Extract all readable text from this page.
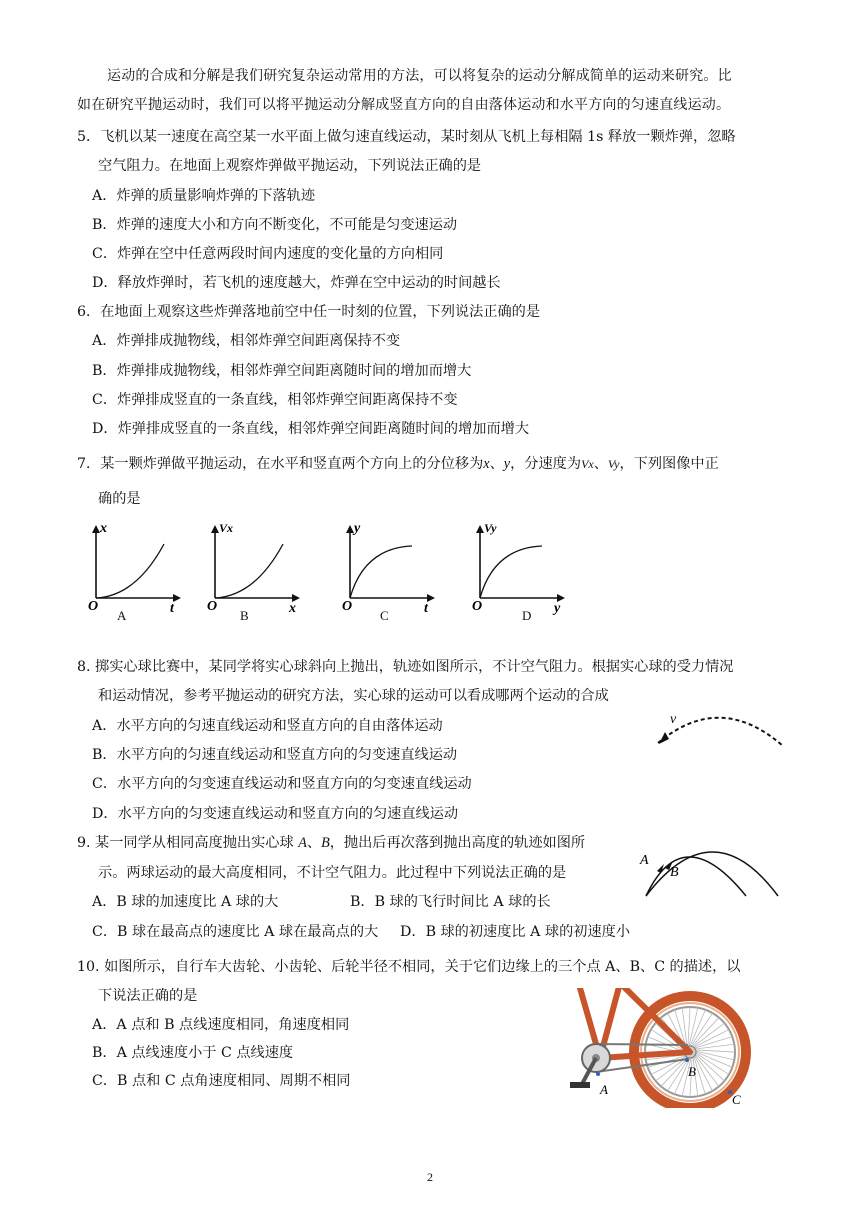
运动的合成和分解是我们研究复杂运动常用的方法，可以将复杂的运动分解成简单的运动来研究。比
如在研究平抛运动时，我们可以将平抛运动分解成竖直方向的自由落体运动和水平方向的匀速直线运动。
5．飞机以某一速度在高空某一水平面上做匀速直线运动，某时刻从飞机上每相隔 1s 释放一颗炸弹，忽略
空气阻力。在地面上观察炸弹做平抛运动，下列说法正确的是
A．炸弹的质量影响炸弹的下落轨迹
B．炸弹的速度大小和方向不断变化，不可能是匀变速运动
C．炸弹在空中任意两段时间内速度的变化量的方向相同
D．释放炸弹时，若飞机的速度越大，炸弹在空中运动的时间越长
6．在地面上观察这些炸弹落地前空中任一时刻的位置，下列说法正确的是
A．炸弹排成抛物线，相邻炸弹空间距离保持不变
B．炸弹排成抛物线，相邻炸弹空间距离随时间的增加而增大
C．炸弹排成竖直的一条直线，相邻炸弹空间距离保持不变
D．炸弹排成竖直的一条直线，相邻炸弹空间距离随时间的增加而增大
7．某一颗炸弹做平抛运动，在水平和竖直两个方向上的分位移为x、y，分速度为Vx、Vy，下列图像中正
确的是
x
t
O
Vx
x
O
y
t
O
Vy
y
O
A	B	C	D
8. 掷实心球比赛中，某同学将实心球斜向上抛出，轨迹如图所示，不计空气阻力。根据实心球的受力情况
和运动情况，参考平抛运动的研究方法，实心球的运动可以看成哪两个运动的合成
A．水平方向的匀速直线运动和竖直方向的自由落体运动
B．水平方向的匀速直线运动和竖直方向的匀变速直线运动
C．水平方向的匀变速直线运动和竖直方向的匀变速直线运动
D．水平方向的匀变速直线运动和竖直方向的匀速直线运动
v
9. 某一同学从相同高度抛出实心球 A、B，抛出后再次落到抛出高度的轨迹如图所
示。两球运动的最大高度相同，不计空气阻力。此过程中下列说法正确的是
A．B 球的加速度比 A 球的大	B．B 球的飞行时间比 A 球的长
C．B 球在最高点的速度比 A 球在最高点的大 D．B 球的初速度比 A 球的初速度小
A
B
10. 如图所示，自行车大齿轮、小齿轮、后轮半径不相同，关于它们边缘上的三个点 A、B、C 的描述，以
下说法正确的是
A．A 点和 B 点线速度相同，角速度相同
B．A 点线速度小于 C 点线速度
C．B 点和 C 点角速度相同、周期不相同
A
B
C
2
